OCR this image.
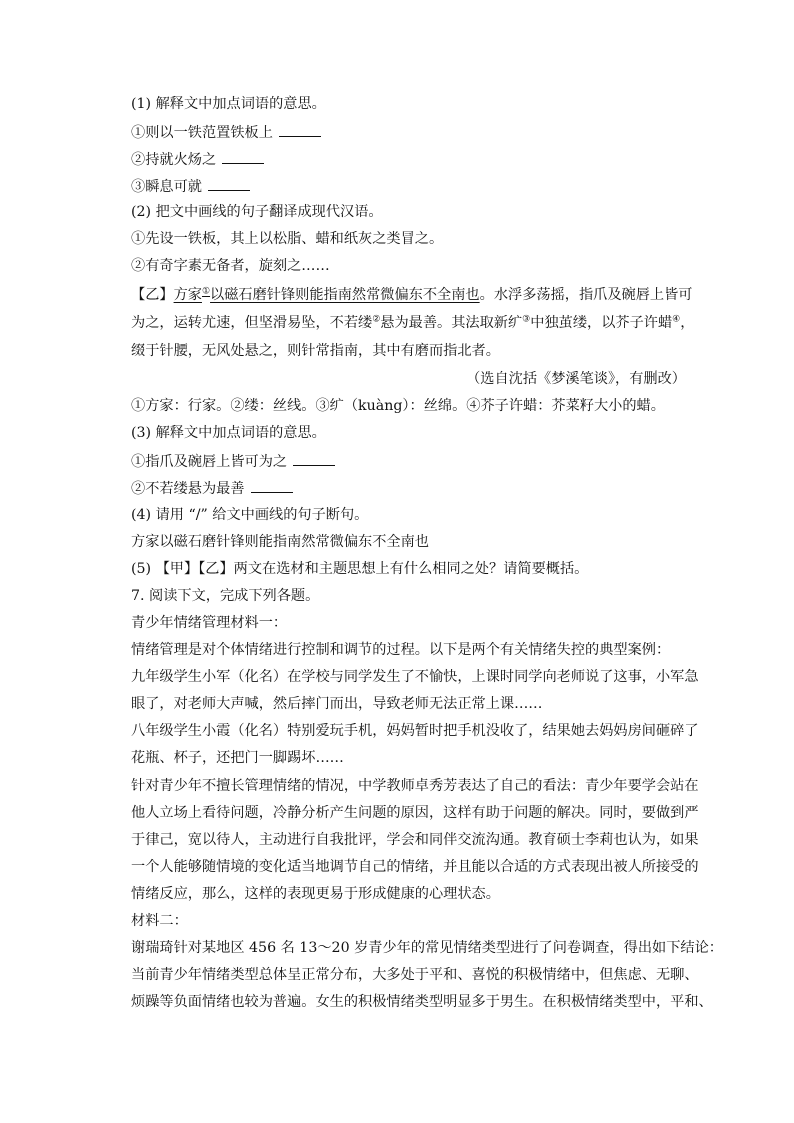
(1) 解释文中加点词语的意思。
①则以一铁范置铁板上
②持就火炀之
③瞬息可就
(2) 把文中画线的句子翻译成现代汉语。
①先设一铁板，其上以松脂、蜡和纸灰之类冒之。
②有奇字素无备者，旋刻之……
【乙】方家①以磁石磨针锋则能指南然常微偏东不全南也。水浮多荡摇，指爪及碗唇上皆可
为之，运转尤速，但坚滑易坠，不若缕②悬为最善。其法取新纩③中独茧缕，以芥子许蜡④，
缀于针腰，无风处悬之，则针常指南，其中有磨而指北者。
（选自沈括《梦溪笔谈》，有删改）
①方家：行家。②缕：丝线。③纩（kuàng）：丝绵。④芥子许蜡：芥菜籽大小的蜡。
(3) 解释文中加点词语的意思。
①指爪及碗唇上皆可为之
②不若缕悬为最善
(4) 请用 “/” 给文中画线的句子断句。
方家以磁石磨针锋则能指南然常微偏东不全南也
(5) 【甲】【乙】两文在选材和主题思想上有什么相同之处？请简要概括。
7. 阅读下文，完成下列各题。
青少年情绪管理材料一：
情绪管理是对个体情绪进行控制和调节的过程。以下是两个有关情绪失控的典型案例：
九年级学生小军（化名）在学校与同学发生了不愉快，上课时同学向老师说了这事，小军急
眼了，对老师大声喊，然后摔门而出，导致老师无法正常上课……
八年级学生小霞（化名）特别爱玩手机，妈妈暂时把手机没收了，结果她去妈妈房间砸碎了
花瓶、杯子，还把门一脚踢坏……
针对青少年不擅长管理情绪的情况，中学教师卓秀芳表达了自己的看法：青少年要学会站在
他人立场上看待问题，冷静分析产生问题的原因，这样有助于问题的解决。同时，要做到严
于律己，宽以待人，主动进行自我批评，学会和同伴交流沟通。教育硕士李莉也认为，如果
一个人能够随情境的变化适当地调节自己的情绪，并且能以合适的方式表现出被人所接受的
情绪反应，那么，这样的表现更易于形成健康的心理状态。
材料二：
谢瑞琦针对某地区 456 名 13～20 岁青少年的常见情绪类型进行了问卷调查，得出如下结论：
当前青少年情绪类型总体呈正常分布，大多处于平和、喜悦的积极情绪中，但焦虑、无聊、
烦躁等负面情绪也较为普遍。女生的积极情绪类型明显多于男生。在积极情绪类型中，平和、
